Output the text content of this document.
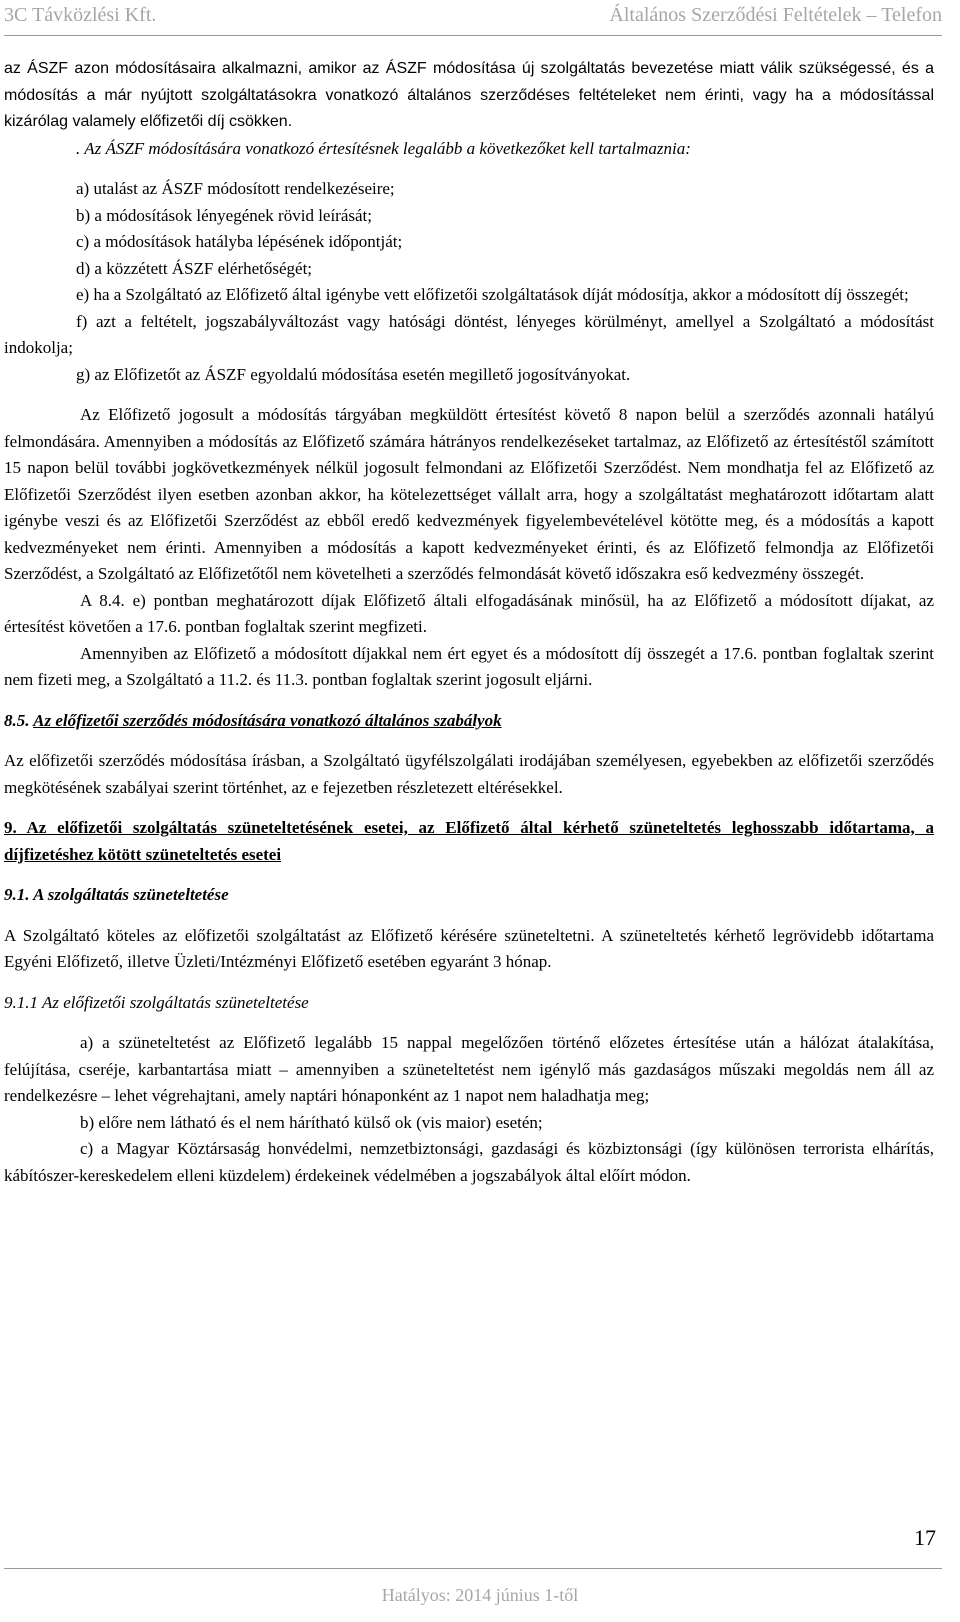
3C Távközlési Kft.	Általános Szerződési Feltételek – Telefon

az ÁSZF azon módosításaira alkalmazni, amikor az ÁSZF módosítása új szolgáltatás bevezetése miatt válik szükségessé, és a módosítás a már nyújtott szolgáltatásokra vonatkozó általános szerződéses feltételeket nem érinti, vagy ha a módosítással kizárólag valamely előfizetői díj csökken.

. Az ÁSZF módosítására vonatkozó értesítésnek legalább a következőket kell tartalmaznia:

a) utalást az ÁSZF módosított rendelkezéseire;

b) a módosítások lényegének rövid leírását;

c) a módosítások hatályba lépésének időpontját;

d) a közzétett ÁSZF elérhetőségét;

e) ha a Szolgáltató az Előfizető által igénybe vett előfizetői szolgáltatások díját módosítja, akkor a módosított díj összegét;

f) azt a feltételt, jogszabályváltozást vagy hatósági döntést, lényeges körülményt, amellyel a Szolgáltató a módosítást indokolja;

g) az Előfizetőt az ÁSZF egyoldalú módosítása esetén megillető jogosítványokat.

Az Előfizető jogosult a módosítás tárgyában megküldött értesítést követő 8 napon belül a szerződés azonnali hatályú felmondására. Amennyiben a módosítás az Előfizető számára hátrányos rendelkezéseket tartalmaz, az Előfizető az értesítéstől számított 15 napon belül további jogkövetkezmények nélkül jogosult felmondani az Előfizetői Szerződést. Nem mondhatja fel az Előfizető az Előfizetői Szerződést ilyen esetben azonban akkor, ha kötelezettséget vállalt arra, hogy a szolgáltatást meghatározott időtartam alatt igénybe veszi és az Előfizetői Szerződést az ebből eredő kedvezmények figyelembevételével kötötte meg, és a módosítás a kapott kedvezményeket nem érinti. Amennyiben a módosítás a kapott kedvezményeket érinti, és az Előfizető felmondja az Előfizetői Szerződést, a Szolgáltató az Előfizetőtől nem követelheti a szerződés felmondását követő időszakra eső kedvezmény összegét.

A 8.4. e) pontban meghatározott díjak Előfizető általi elfogadásának minősül, ha az Előfizető a módosított díjakat, az értesítést követően a 17.6. pontban foglaltak szerint megfizeti.

Amennyiben az Előfizető a módosított díjakkal nem ért egyet és a módosított díj összegét a 17.6. pontban foglaltak szerint nem fizeti meg, a Szolgáltató a 11.2. és 11.3. pontban foglaltak szerint jogosult eljárni.

8.5. Az előfizetői szerződés módosítására vonatkozó általános szabályok

Az előfizetői szerződés módosítása írásban, a Szolgáltató ügyfélszolgálati irodájában személyesen, egyebekben az előfizetői szerződés megkötésének szabályai szerint történhet, az e fejezetben részletezett eltérésekkel.

9. Az előfizetői szolgáltatás szüneteltetésének esetei, az Előfizető által kérhető szüneteltetés leghosszabb időtartama, a díjfizetéshez kötött szüneteltetés esetei

9.1. A szolgáltatás szüneteltetése

A Szolgáltató köteles az előfizetői szolgáltatást az Előfizető kérésére szüneteltetni. A szüneteltetés kérhető legrövidebb időtartama Egyéni Előfizető, illetve Üzleti/Intézményi Előfizető esetében egyaránt 3 hónap.

9.1.1 Az előfizetői szolgáltatás szüneteltetése

a) a szüneteltetést az Előfizető legalább 15 nappal megelőzően történő előzetes értesítése után a hálózat átalakítása, felújítása, cseréje, karbantartása miatt – amennyiben a szüneteltetést nem igénylő más gazdaságos műszaki megoldás nem áll az rendelkezésre – lehet végrehajtani, amely naptári hónaponként az 1 napot nem haladhatja meg;

b) előre nem látható és el nem hárítható külső ok (vis maior) esetén;

c) a Magyar Köztársaság honvédelmi, nemzetbiztonsági, gazdasági és közbiztonsági (így különösen terrorista elhárítás, kábítószer-kereskedelem elleni küzdelem) érdekeinek védelmében a jogszabályok által előírt módon.

17
Hatályos: 2014 június 1-től
